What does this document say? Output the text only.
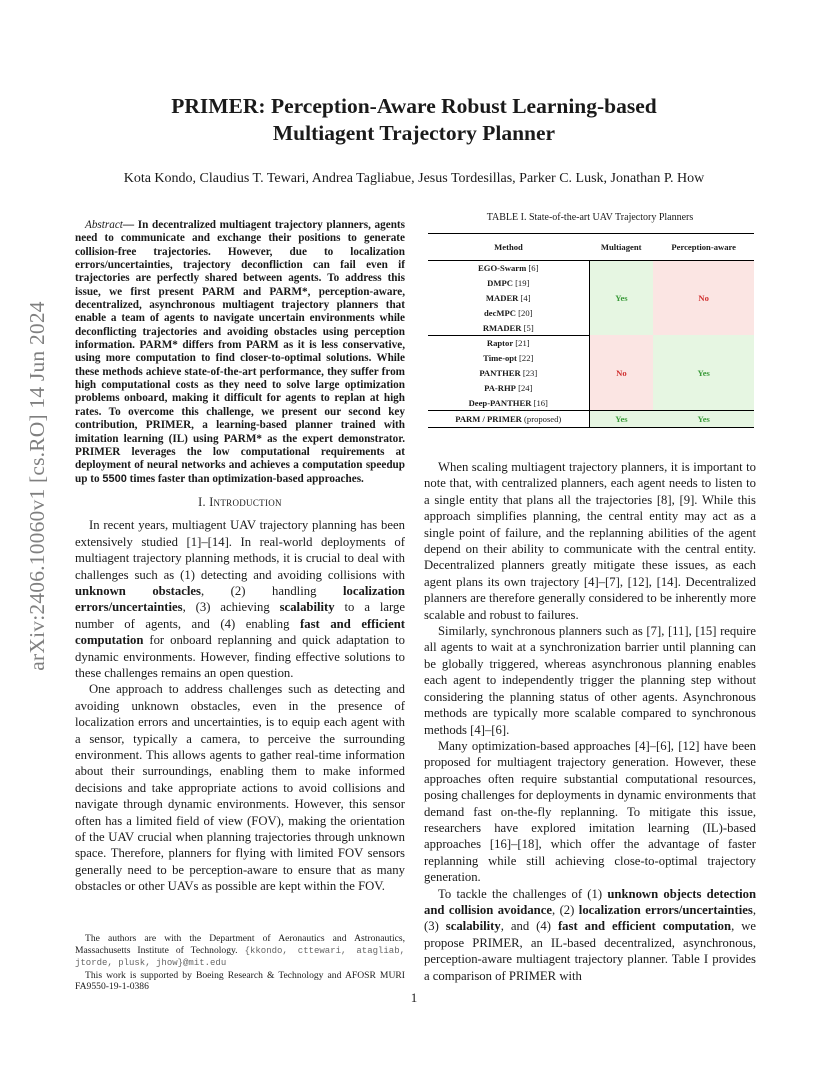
arXiv:2406.10060v1 [cs.RO] 14 Jun 2024
PRIMER: Perception-Aware Robust Learning-based
Multiagent Trajectory Planner
Kota Kondo, Claudius T. Tewari, Andrea Tagliabue, Jesus Tordesillas, Parker C. Lusk, Jonathan P. How

Abstract— In decentralized multiagent trajectory planners, agents need to communicate and exchange their positions to generate collision-free trajectories. However, due to localization errors/uncertainties, trajectory deconfliction can fail even if trajectories are perfectly shared between agents. To address this issue, we first present PARM and PARM*, perception-aware, decentralized, asynchronous multiagent trajectory planners that enable a team of agents to navigate uncertain environments while deconflicting trajectories and avoiding obstacles using perception information. PARM* differs from PARM as it is less conservative, using more computation to find closer-to-optimal solutions. While these methods achieve state-of-the-art performance, they suffer from high computational costs as they need to solve large optimization problems onboard, making it difficult for agents to replan at high rates. To overcome this challenge, we present our second key contribution, PRIMER, a learning-based planner trained with imitation learning (IL) using PARM* as the expert demonstrator. PRIMER leverages the low computational requirements at deployment of neural networks and achieves a computation speedup up to 5500 times faster than optimization-based approaches.

I. Introduction

In recent years, multiagent UAV trajectory planning has been extensively studied [1]–[14]. In real-world deployments of multiagent trajectory planning methods, it is crucial to deal with challenges such as (1) detecting and avoiding collisions with unknown obstacles, (2) handling localization errors/uncertainties, (3) achieving scalability to a large number of agents, and (4) enabling fast and efficient computation for onboard replanning and quick adaptation to dynamic environments. However, finding effective solutions to these challenges remains an open question.

One approach to address challenges such as detecting and avoiding unknown obstacles, even in the presence of localization errors and uncertainties, is to equip each agent with a sensor, typically a camera, to perceive the surrounding environment. This allows agents to gather real-time information about their surroundings, enabling them to make informed decisions and take appropriate actions to avoid collisions and navigate through dynamic environments. However, this sensor often has a limited field of view (FOV), making the orientation of the UAV crucial when planning trajectories through unknown space. Therefore, planners for flying with limited FOV sensors generally need to be perception-aware to ensure that as many obstacles or other UAVs as possible are kept within the FOV.

The authors are with the Department of Aeronautics and Astronautics, Massachusetts Institute of Technology. {kkondo, cttewari, atagliab, jtorde, plusk, jhow}@mit.edu

This work is supported by Boeing Research & Technology and AFOSR MURI FA9550-19-1-0386

TABLE I. State-of-the-art UAV Trajectory Planners
Method	Multiagent	Perception-aware
EGO-Swarm [6]	Yes	No
DMPC [19]		
MADER [4]		
decMPC [20]		
RMADER [5]		
Raptor [21]	No	Yes
Time-opt [22]		
PANTHER [23]		
PA-RHP [24]		
Deep-PANTHER [16]		
PARM / PRIMER (proposed)	Yes	Yes

When scaling multiagent trajectory planners, it is important to note that, with centralized planners, each agent needs to listen to a single entity that plans all the trajectories [8], [9]. While this approach simplifies planning, the central entity may act as a single point of failure, and the replanning abilities of the agent depend on their ability to communicate with the central entity. Decentralized planners greatly mitigate these issues, as each agent plans its own trajectory [4]–[7], [12], [14]. Decentralized planners are therefore generally considered to be inherently more scalable and robust to failures.

Similarly, synchronous planners such as [7], [11], [15] require all agents to wait at a synchronization barrier until planning can be globally triggered, whereas asynchronous planning enables each agent to independently trigger the planning step without considering the planning status of other agents. Asynchronous methods are typically more scalable compared to synchronous methods [4]–[6].

Many optimization-based approaches [4]–[6], [12] have been proposed for multiagent trajectory generation. However, these approaches often require substantial computational resources, posing challenges for deployments in dynamic environments that demand fast on-the-fly replanning. To mitigate this issue, researchers have explored imitation learning (IL)-based approaches [16]–[18], which offer the advantage of faster replanning while still achieving close-to-optimal trajectory generation.

To tackle the challenges of (1) unknown objects detection and collision avoidance, (2) localization errors/uncertainties, (3) scalability, and (4) fast and efficient computation, we propose PRIMER, an IL-based decentralized, asynchronous, perception-aware multiagent trajectory planner. Table I provides a comparison of PRIMER with

1
